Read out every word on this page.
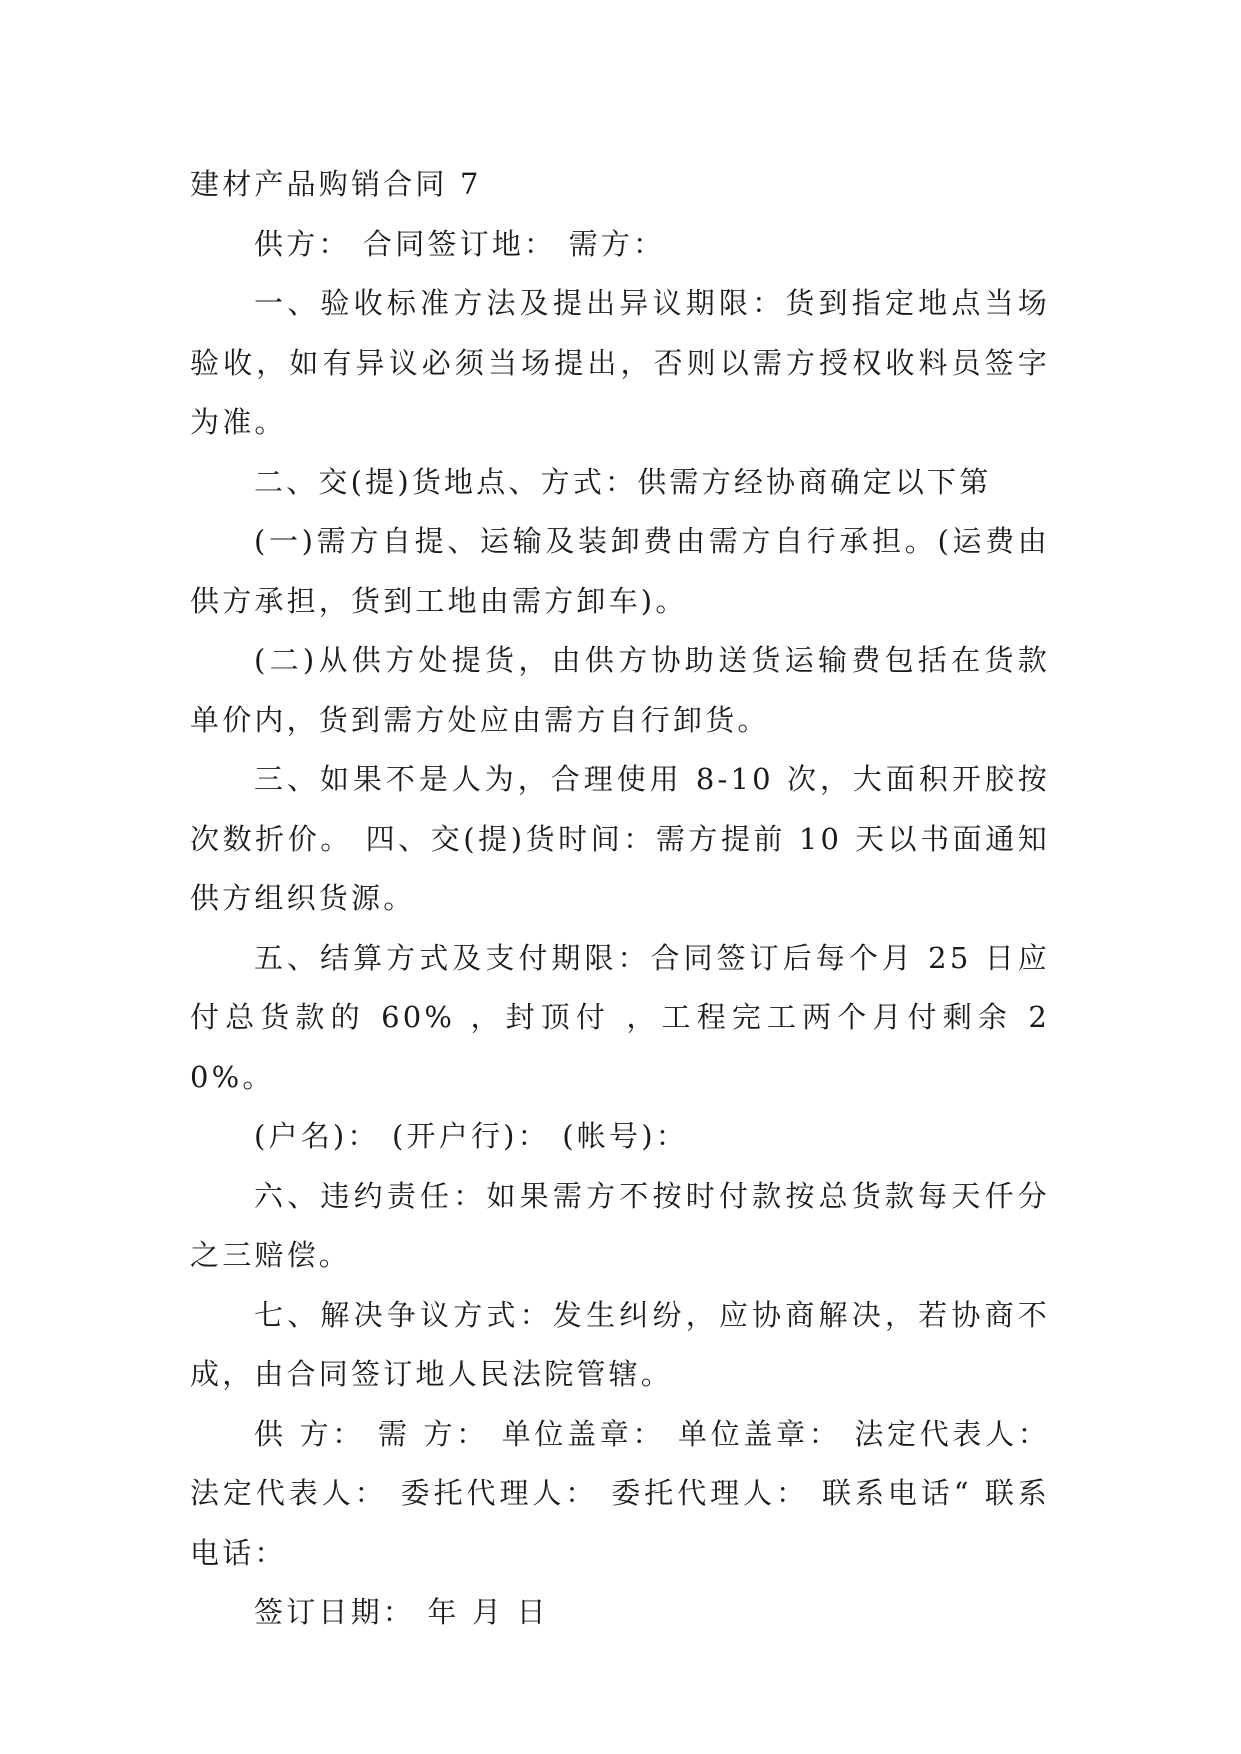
建材产品购销合同 7

供方： 合同签订地： 需方：

一、验收标准方法及提出异议期限：货到指定地点当场验收，如有异议必须当场提出，否则以需方授权收料员签字为准。

二、交(提)货地点、方式：供需方经协商确定以下第

(一)需方自提、运输及装卸费由需方自行承担。(运费由供方承担，货到工地由需方卸车)。

(二)从供方处提货，由供方协助送货运输费包括在货款单价内，货到需方处应由需方自行卸货。

三、如果不是人为，合理使用 8-10 次，大面积开胶按次数折价。 四、交(提)货时间：需方提前 10 天以书面通知供方组织货源。

五、结算方式及支付期限：合同签订后每个月 25 日应付总货款的 60% ，封顶付 ，工程完工两个月付剩余 20%。

(户名)： (开户行)： (帐号)：

六、违约责任：如果需方不按时付款按总货款每天仟分之三赔偿。

七、解决争议方式：发生纠纷，应协商解决，若协商不成，由合同签订地人民法院管辖。

供 方： 需 方： 单位盖章： 单位盖章： 法定代表人： 法定代表人： 委托代理人： 委托代理人： 联系电话“ 联系电话：

签订日期： 年 月 日
